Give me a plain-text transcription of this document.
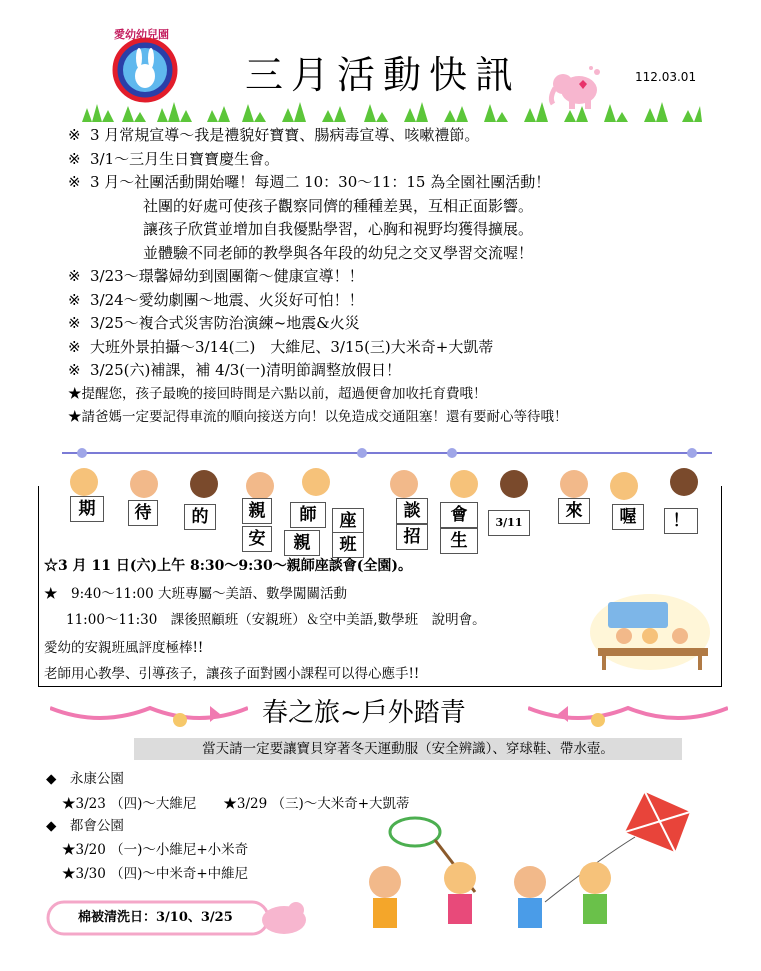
愛幼幼兒園
三月活動快訊	112.03.01
※ 3 月常規宣導～我是禮貌好寶寶、腸病毒宣導、咳嗽禮節。
※ 3/1～三月生日寶寶慶生會。
※ 3 月～社團活動開始囉！每週二 10：30～11：15 為全園社團活動！
社團的好處可使孩子觀察同儕的種種差異，互相正面影響。
讓孩子欣賞並增加自我優點學習，心胸和視野均獲得擴展。
並體驗不同老師的教學與各年段的幼兒之交叉學習交流喔！
※ 3/23～璟馨婦幼到園團衛～健康宣導！！
※ 3/24～愛幼劇團～地震、火災好可怕！！
※ 3/25～複合式災害防治演練~地震&火災
※ 大班外景拍攝～3/14(二)　大維尼、3/15(三)大米奇+大凱蒂
※ 3/25(六)補課，補 4/3(一)清明節調整放假日！
★提醒您，孩子最晚的接回時間是六點以前，超過便會加收托育費哦！
★請爸媽一定要記得車流的順向接送方向！以免造成交通阻塞！還有要耐心等待哦！
期	待	的	親	師	座	談	會	3/11
來	喔	！
安	親	班	招	生
☆3 月 11 日(六)上午 8:30～9:30～親師座談會(全園)。
★　9:40～11:00 大班專屬～美語、數學闖關活動
11:00～11:30　課後照顧班（安親班）＆空中美語,數學班　說明會。
愛幼的安親班風評度極棒!!
老師用心教學、引導孩子，讓孩子面對國小課程可以得心應手!!
春之旅~戶外踏青
當天請一定要讓寶貝穿著冬天運動服（安全辨識）、穿球鞋、帶水壺。
◆　永康公園
★3/23 （四)～大維尼　　★3/29 （三)～大米奇+大凱蒂
◆　都會公園
★3/20 （一)～小維尼+小米奇
★3/30 （四)～中米奇+中維尼
棉被清洗日：3/10、3/25
